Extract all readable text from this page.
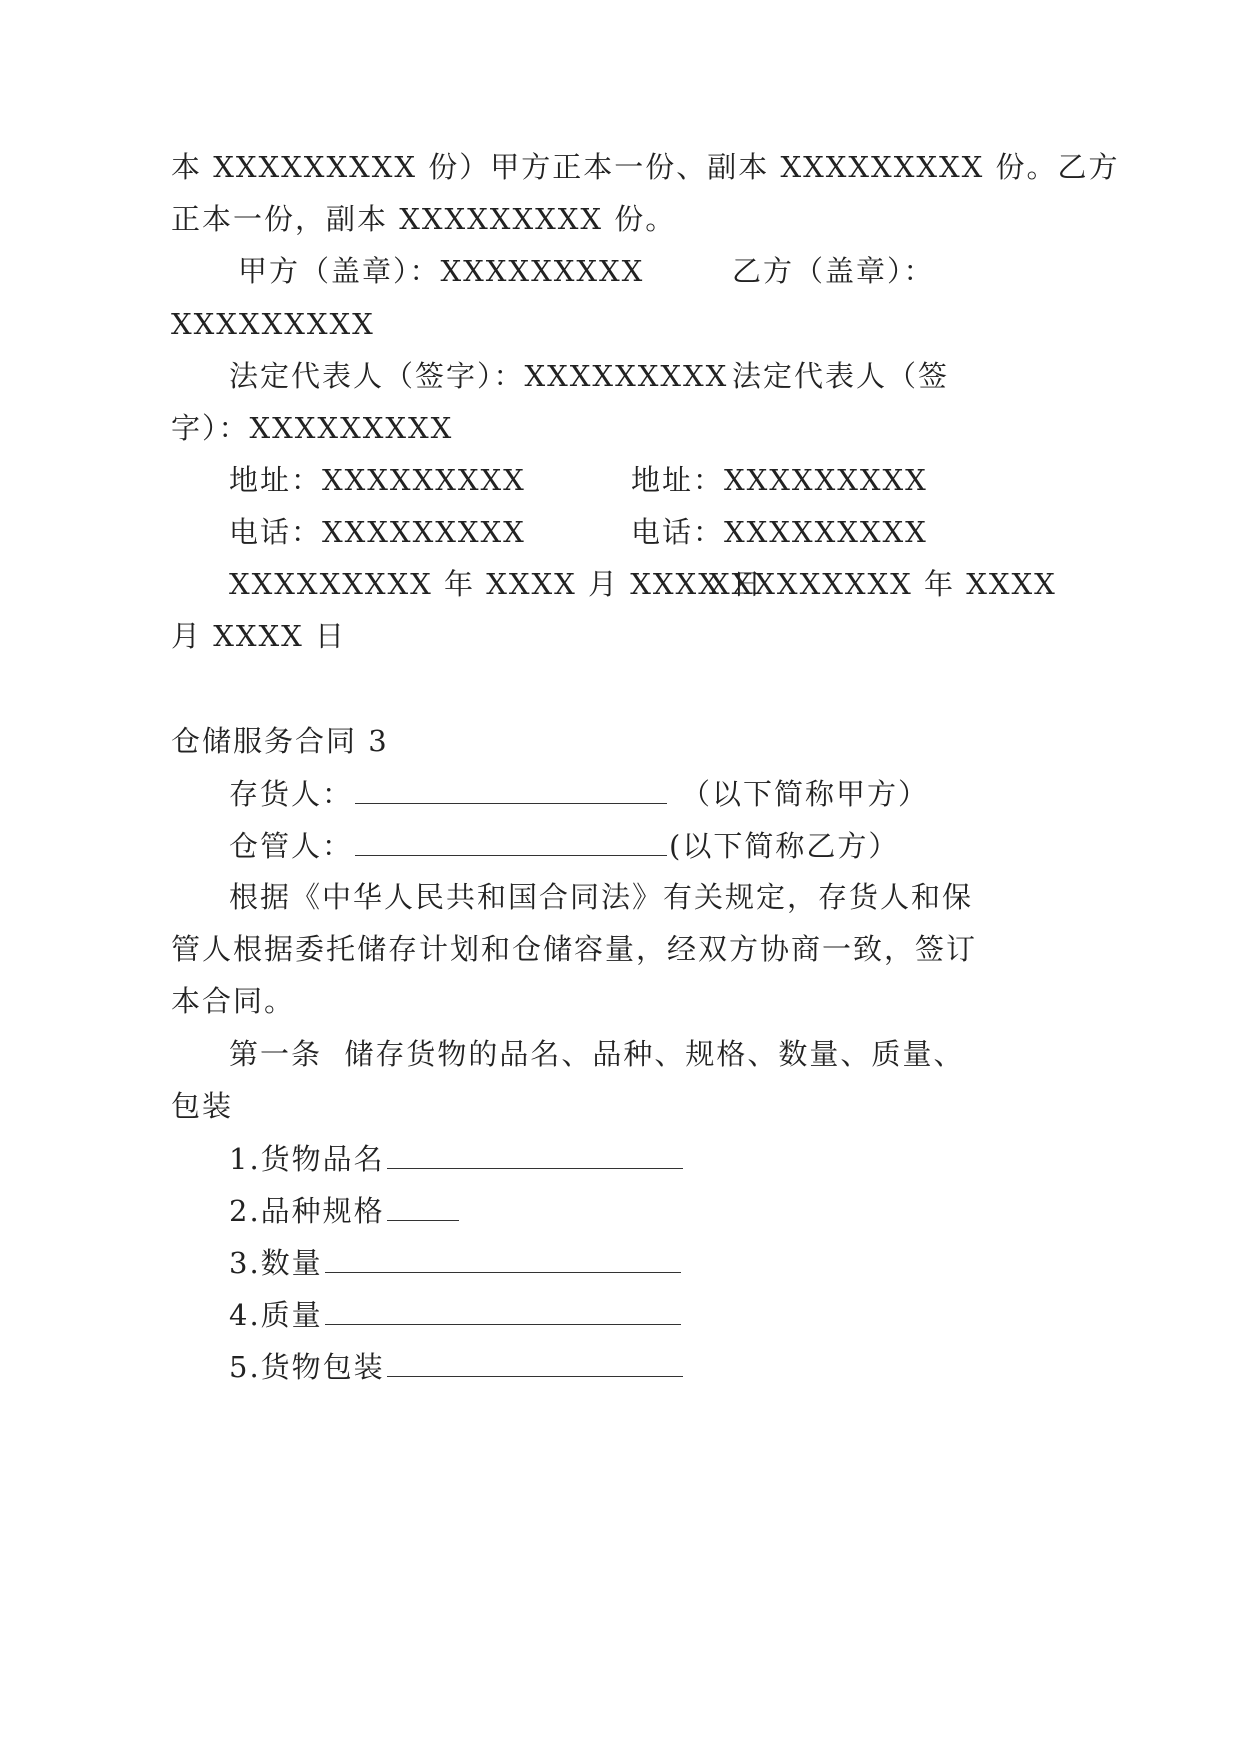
本 XXXXXXXXX 份）甲方正本一份、副本 XXXXXXXXX 份。乙方
正本一份，副本 XXXXXXXXX 份。
甲方（盖章）：XXXXXXXXX	乙方（盖章）：
XXXXXXXXX
法定代表人（签字）：XXXXXXXXX 法定代表人（签
字）：XXXXXXXXX
地址：XXXXXXXXX	地址：XXXXXXXXX
电话：XXXXXXXXX	电话：XXXXXXXXX
XXXXXXXXX 年 XXXX 月 XXXX 日
XXXXXXXXX 年 XXXX
月 XXXX 日
仓储服务合同 3
存货人：	（以下简称甲方）
仓管人：	(以下简称乙方）
根据《中华人民共和国合同法》有关规定，存货人和保
管人根据委托储存计划和仓储容量，经双方协商一致，签订
本合同。
第一条  储存货物的品名、品种、规格、数量、质量、
包装
1.货物品名
2.品种规格
3.数量
4.质量
5.货物包装
